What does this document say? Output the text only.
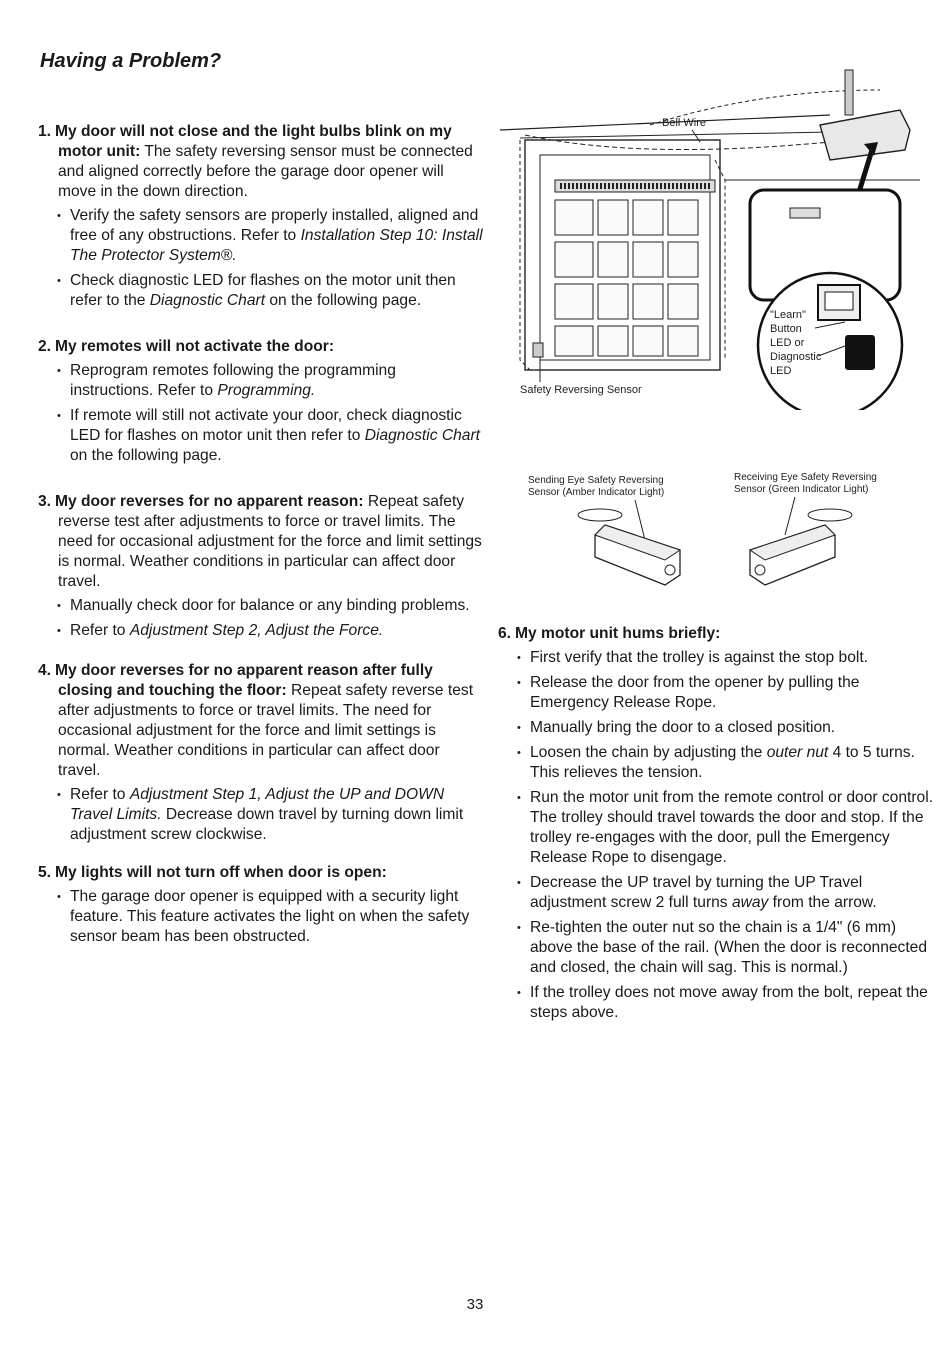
Having a Problem?

1. My door will not close and the light bulbs blink on my motor unit: The safety reversing sensor must be connected and aligned correctly before the garage door opener will move in the down direction.

• Verify the safety sensors are properly installed, aligned and free of any obstructions. Refer to Installation Step 10: Install The Protector System®.
• Check diagnostic LED for flashes on the motor unit then refer to the Diagnostic Chart on the following page.

2. My remotes will not activate the door:

• Reprogram remotes following the programming instructions. Refer to Programming.
• If remote will still not activate your door, check diagnostic LED for flashes on motor unit then refer to Diagnostic Chart on the following page.

3. My door reverses for no apparent reason: Repeat safety reverse test after adjustments to force or travel limits. The need for occasional adjustment for the force and limit settings is normal. Weather conditions in particular can affect door travel.

• Manually check door for balance or any binding problems.
• Refer to Adjustment Step 2, Adjust the Force.

4. My door reverses for no apparent reason after fully closing and touching the floor: Repeat safety reverse test after adjustments to force or travel limits. The need for occasional adjustment for the force and limit settings is normal. Weather conditions in particular can affect door travel.

• Refer to Adjustment Step 1, Adjust the UP and DOWN Travel Limits. Decrease down travel by turning down limit adjustment screw clockwise.

5. My lights will not turn off when door is open:

• The garage door opener is equipped with a security light feature. This feature activates the light on when the safety sensor beam has been obstructed.
Bell Wire
Safety Reversing Sensor
"Learn"
Button
LED or
Diagnostic
LED
Sending Eye Safety Reversing
Sensor (Amber Indicator Light)
Receiving Eye Safety Reversing
Sensor (Green Indicator Light)

6. My motor unit hums briefly:

• First verify that the trolley is against the stop bolt.
• Release the door from the opener by pulling the Emergency Release Rope.
• Manually bring the door to a closed position.
• Loosen the chain by adjusting the outer nut 4 to 5 turns. This relieves the tension.
• Run the motor unit from the remote control or door control. The trolley should travel towards the door and stop. If the trolley re-engages with the door, pull the Emergency Release Rope to disengage.
• Decrease the UP travel by turning the UP Travel adjustment screw 2 full turns away from the arrow.
• Re-tighten the outer nut so the chain is a 1/4" (6 mm) above the base of the rail. (When the door is reconnected and closed, the chain will sag. This is normal.)
• If the trolley does not move away from the bolt, repeat the steps above.
33
